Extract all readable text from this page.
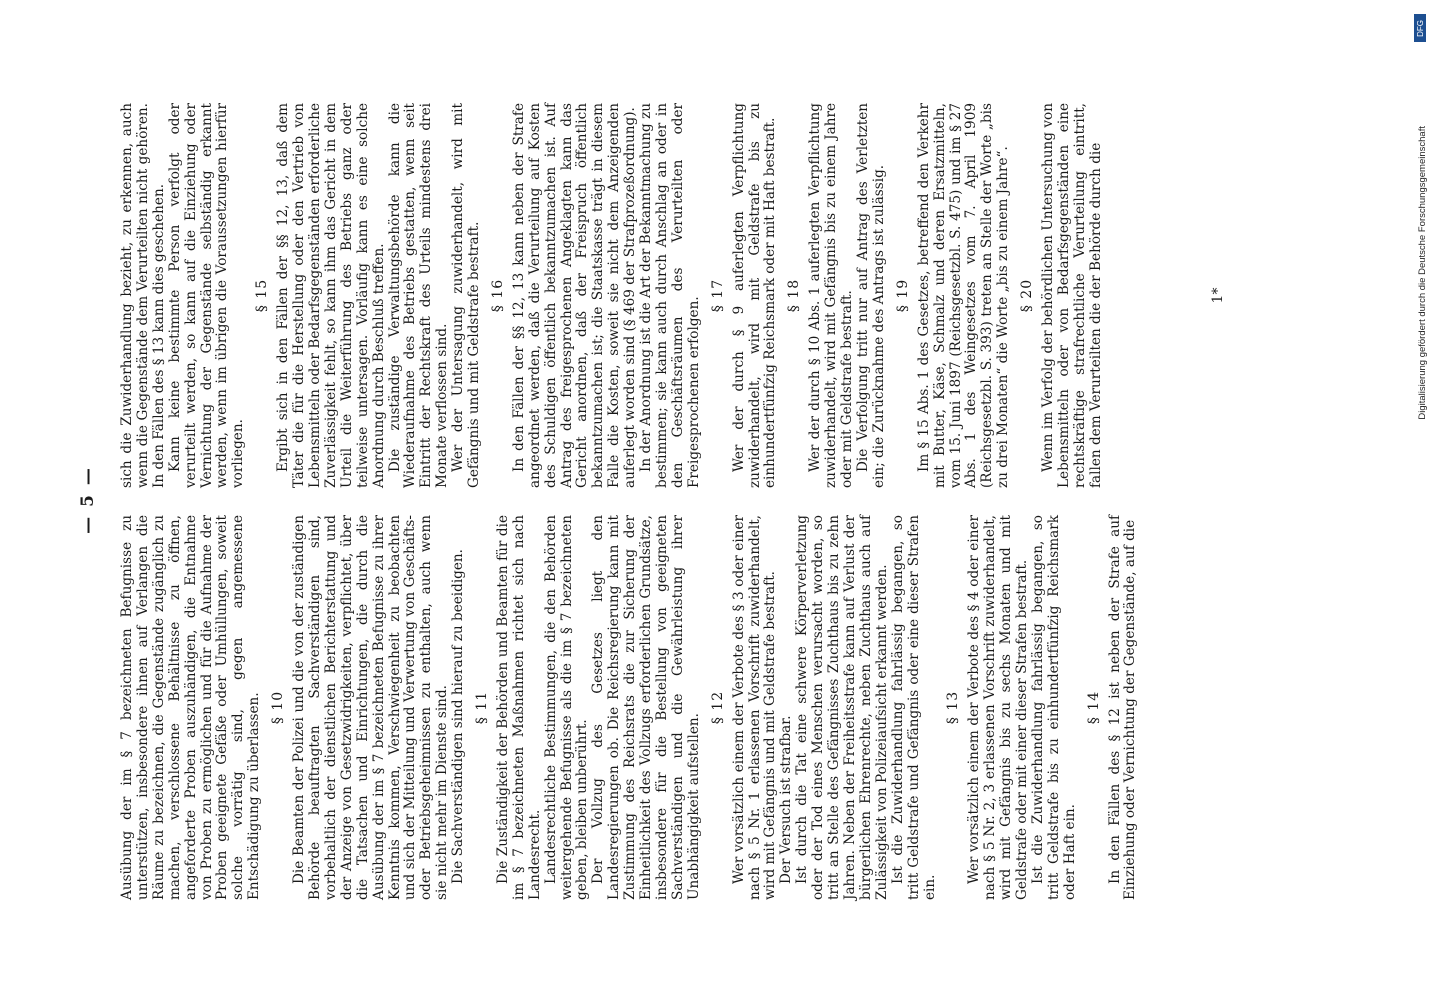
— 5 —

Ausübung der im § 7 bezeichneten Befugnisse zu unterstützen, insbesondere ihnen auf Verlangen die Räume zu bezeichnen, die Gegenstände zugänglich zu machen, verschlossene Behältnisse zu öffnen, angeforderte Proben auszuhändigen, die Entnahme von Proben zu ermöglichen und für die Aufnahme der Proben geeignete Gefäße oder Umhüllungen, soweit solche vorrätig sind, gegen angemessene Entschädigung zu überlassen. § 10 Die Beamten der Polizei und die von der zuständigen Behörde beauftragten Sachverständigen sind, vorbehaltlich der dienstlichen Berichterstattung und der Anzeige von Gesetzwidrigkeiten, verpflichtet, über die Tatsachen und Einrichtungen, die durch die Ausübung der im § 7 bezeichneten Befugnisse zu ihrer Kenntnis kommen, Verschwiegenheit zu beobachten und sich der Mitteilung und Verwertung von Geschäfts- oder Betriebsgeheimnissen zu enthalten, auch wenn sie nicht mehr im Dienste sind. Die Sachverständigen sind hierauf zu beeidigen. § 11 Die Zuständigkeit der Behörden und Beamten für die im § 7 bezeichneten Maßnahmen richtet sich nach Landesrecht. Landesrechtliche Bestimmungen, die den Behörden weitergehende Befugnisse als die im § 7 bezeichneten geben, bleiben unberührt. Der Vollzug des Gesetzes liegt den Landesregierungen ob. Die Reichsregierung kann mit Zustimmung des Reichsrats die zur Sicherung der Einheitlichkeit des Vollzugs erforderlichen Grundsätze, insbesondere für die Bestellung von geeigneten Sachverständigen und die Gewährleistung ihrer Unabhängigkeit aufstellen.

§ 12 Wer vorsätzlich einem der Verbote des § 3 oder einer nach § 5 Nr. 1 erlassenen Vorschrift zuwiderhandelt, wird mit Gefängnis und mit Geldstrafe bestraft. Der Versuch ist strafbar. Ist durch die Tat eine schwere Körperverletzung oder der Tod eines Menschen verursacht worden, so tritt an Stelle des Gefängnisses Zuchthaus bis zu zehn Jahren. Neben der Freiheitsstrafe kann auf Verlust der bürgerlichen Ehrenrechte, neben Zuchthaus auch auf Zulässigkeit von Polizeiaufsicht erkannt werden. Ist die Zuwiderhandlung fahrlässig begangen, so tritt Geldstrafe und Gefängnis oder eine dieser Strafen ein.

§ 13 Wer vorsätzlich einem der Verbote des § 4 oder einer nach § 5 Nr. 2, 3 erlassenen Vorschrift zuwiderhandelt, wird mit Gefängnis bis zu sechs Monaten und mit Geldstrafe oder mit einer dieser Strafen bestraft. Ist die Zuwiderhandlung fahrlässig begangen, so tritt Geldstrafe bis zu einhundertfünfzig Reichsmark oder Haft ein.

§ 14 In den Fällen des § 12 ist neben der Strafe auf Einziehung oder Vernichtung der Gegenstände, auf die

sich die Zuwiderhandlung bezieht, zu erkennen, auch wenn die Gegenstände dem Verurteilten nicht gehören. In den Fällen des § 13 kann dies geschehen. Kann keine bestimmte Person verfolgt oder verurteilt werden, so kann auf die Einziehung oder Vernichtung der Gegenstände selbständig erkannt werden, wenn im übrigen die Voraussetzungen hierfür vorliegen.

§ 15 Ergibt sich in den Fällen der §§ 12, 13, daß dem Täter die für die Herstellung oder den Vertrieb von Lebensmitteln oder Bedarfsgegenständen erforderliche Zuverlässigkeit fehlt, so kann ihm das Gericht in dem Urteil die Weiterführung des Betriebs ganz oder teilweise untersagen. Vorläufig kann es eine solche Anordnung durch Beschluß treffen. Die zuständige Verwaltungsbehörde kann die Wiederaufnahme des Betriebs gestatten, wenn seit Eintritt der Rechtskraft des Urteils mindestens drei Monate verflossen sind. Wer der Untersagung zuwiderhandelt, wird mit Gefängnis und mit Geldstrafe bestraft. § 16 In den Fällen der §§ 12, 13 kann neben der Strafe angeordnet werden, daß die Verurteilung auf Kosten des Schuldigen öffentlich bekanntzumachen ist. Auf Antrag des freigesprochenen Angeklagten kann das Gericht anordnen, daß der Freispruch öffentlich bekanntzumachen ist; die Staatskasse trägt in diesem Falle die Kosten, soweit sie nicht dem Anzeigenden auferlegt worden sind (§ 469 der Strafprozeßordnung). In der Anordnung ist die Art der Bekanntmachung zu bestimmen; sie kann auch durch Anschlag an oder in den Geschäftsräumen des Verurteilten oder Freigesprochenen erfolgen.

§ 17 Wer der durch § 9 auferlegten Verpflichtung zuwiderhandelt, wird mit Geldstrafe bis zu einhundertfünfzig Reichsmark oder mit Haft bestraft. § 18 Wer der durch § 10 Abs. 1 auferlegten Verpflichtung zuwiderhandelt, wird mit Gefängnis bis zu einem Jahre oder mit Geldstrafe bestraft. Die Verfolgung tritt nur auf Antrag des Verletzten ein; die Zurücknahme des Antrags ist zulässig. § 19 Im § 15 Abs. 1 des Gesetzes, betreffend den Verkehr mit Butter, Käse, Schmalz und deren Ersatzmitteln, vom 15. Juni 1897 (Reichsgesetzbl. S. 475) und im § 27 Abs. 1 des Weingesetzes vom 7. April 1909 (Reichsgesetzbl. S. 393) treten an Stelle der Worte „bis zu drei Monaten“ die Worte „bis zu einem Jahre“. § 20 Wenn im Verfolg der behördlichen Untersuchung von Lebensmitteln oder von Bedarfsgegenständen eine rechtskräftige strafrechtliche Verurteilung eintritt, fallen dem Verurteilten die der Behörde durch die	1*
DFG
Digitalisierung gefördert durch die Deutsche Forschungsgemeinschaft
